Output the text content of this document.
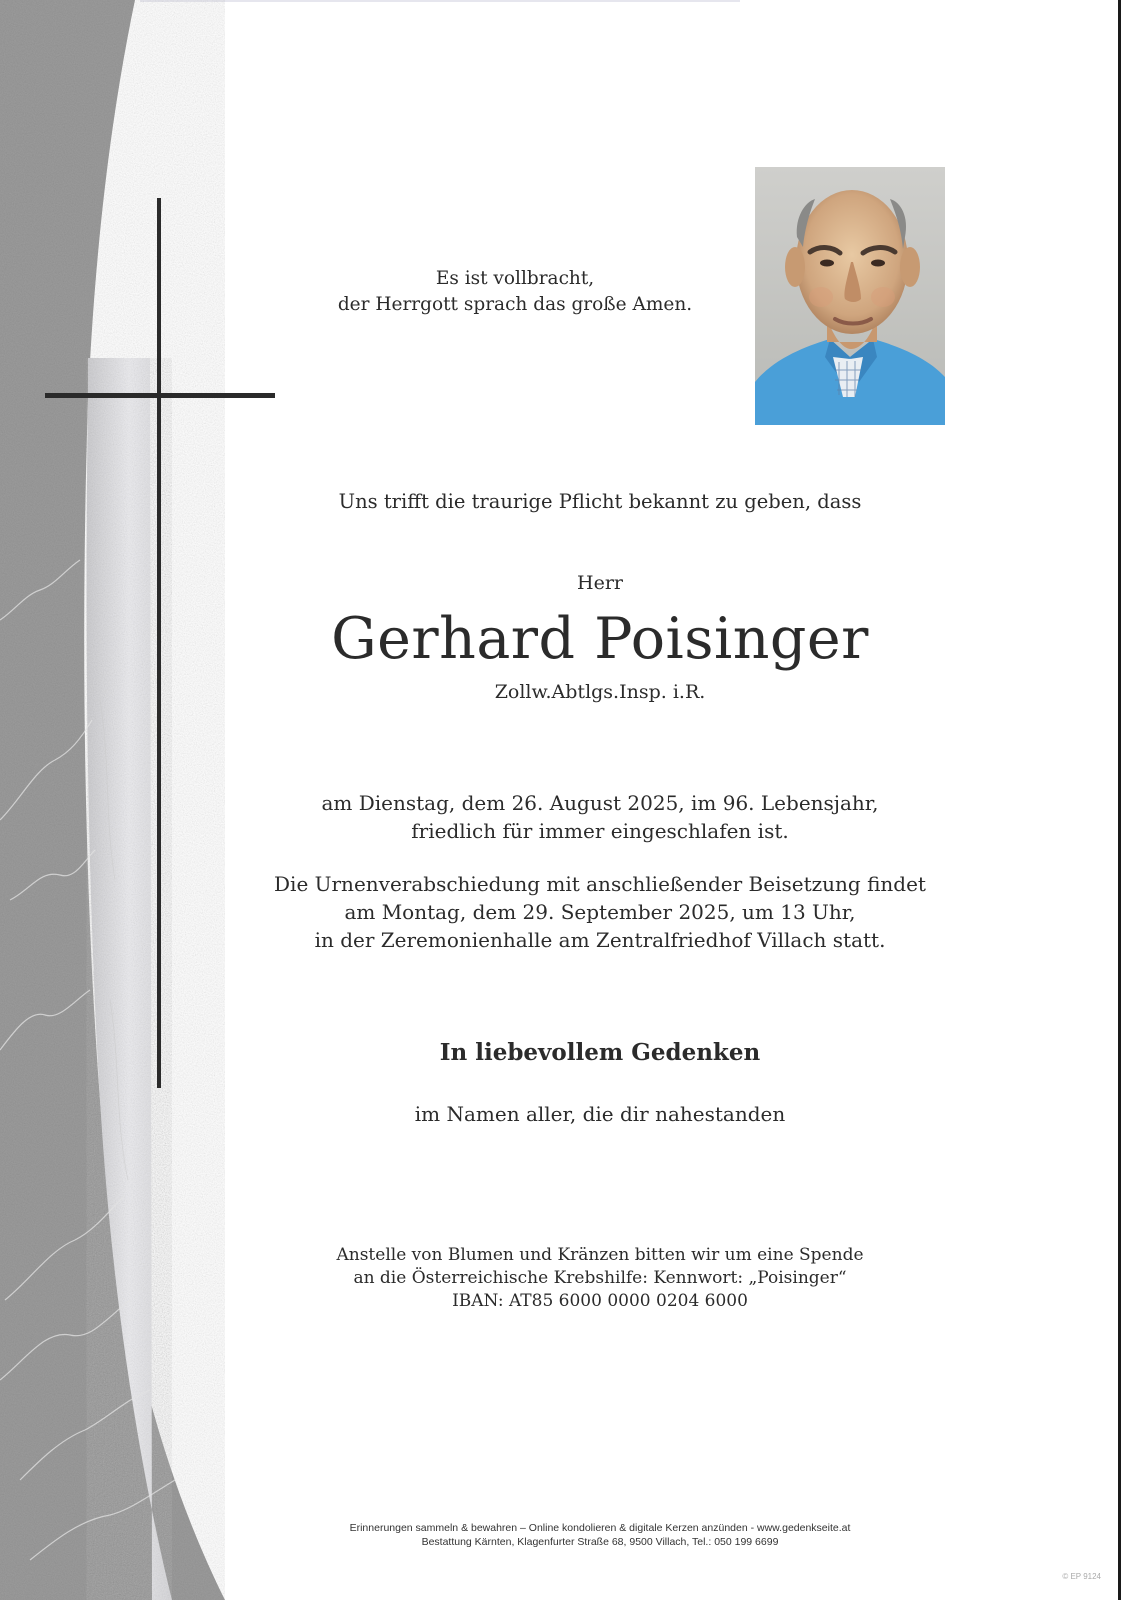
Es ist vollbracht,
der Herrgott sprach das große Amen.
Uns trifft die traurige Pflicht bekannt zu geben, dass
Herr
Gerhard Poisinger
Zollw.Abtlgs.Insp. i.R.
am Dienstag, dem 26. August 2025, im 96. Lebensjahr,
friedlich für immer eingeschlafen ist.
Die Urnenverabschiedung mit anschließender Beisetzung findet
am Montag, dem 29. September 2025, um 13 Uhr,
in der Zeremonienhalle am Zentralfriedhof Villach statt.
In liebevollem Gedenken
im Namen aller, die dir nahestanden
Anstelle von Blumen und Kränzen bitten wir um eine Spende
an die Österreichische Krebshilfe: Kennwort: „Poisinger“
IBAN: AT85 6000 0000 0204 6000
Erinnerungen sammeln & bewahren – Online kondolieren & digitale Kerzen anzünden - www.gedenkseite.at
Bestattung Kärnten, Klagenfurter Straße 68, 9500 Villach, Tel.: 050 199 6699
© EP 9124
